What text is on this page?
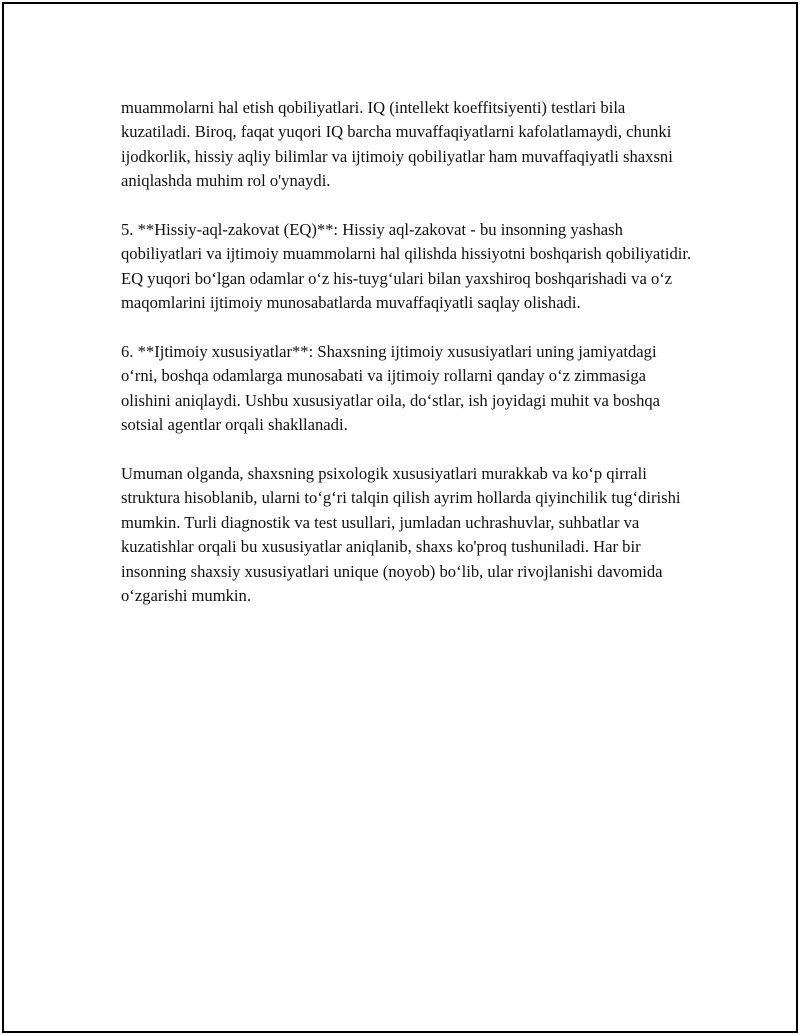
muammolarni hal etish qobiliyatlari. IQ (intellekt koeffitsiyenti) testlari bila kuzatiladi. Biroq, faqat yuqori IQ barcha muvaffaqiyatlarni kafolatlamaydi, chunki ijodkorlik, hissiy aqliy bilimlar va ijtimoiy qobiliyatlar ham muvaffaqiyatli shaxsni aniqlashda muhim rol o'ynaydi.

5. **Hissiy-aql-zakovat (EQ)**: Hissiy aql-zakovat - bu insonning yashash qobiliyatlari va ijtimoiy muammolarni hal qilishda hissiyotni boshqarish qobiliyatidir. EQ yuqori bo‘lgan odamlar o‘z his-tuyg‘ulari bilan yaxshiroq boshqarishadi va o‘z maqomlarini ijtimoiy munosabatlarda muvaffaqiyatli saqlay olishadi.

6. **Ijtimoiy xususiyatlar**: Shaxsning ijtimoiy xususiyatlari uning jamiyatdagi o‘rni, boshqa odamlarga munosabati va ijtimoiy rollarni qanday o‘z zimmasiga olishini aniqlaydi. Ushbu xususiyatlar oila, do‘stlar, ish joyidagi muhit va boshqa sotsial agentlar orqali shakllanadi.

Umuman olganda, shaxsning psixologik xususiyatlari murakkab va ko‘p qirrali struktura hisoblanib, ularni to‘g‘ri talqin qilish ayrim hollarda qiyinchilik tug‘dirishi mumkin. Turli diagnostik va test usullari, jumladan uchrashuvlar, suhbatlar va kuzatishlar orqali bu xususiyatlar aniqlanib, shaxs ko'proq tushuniladi. Har bir insonning shaxsiy xususiyatlari unique (noyob) bo‘lib, ular rivojlanishi davomida o‘zgarishi mumkin.
